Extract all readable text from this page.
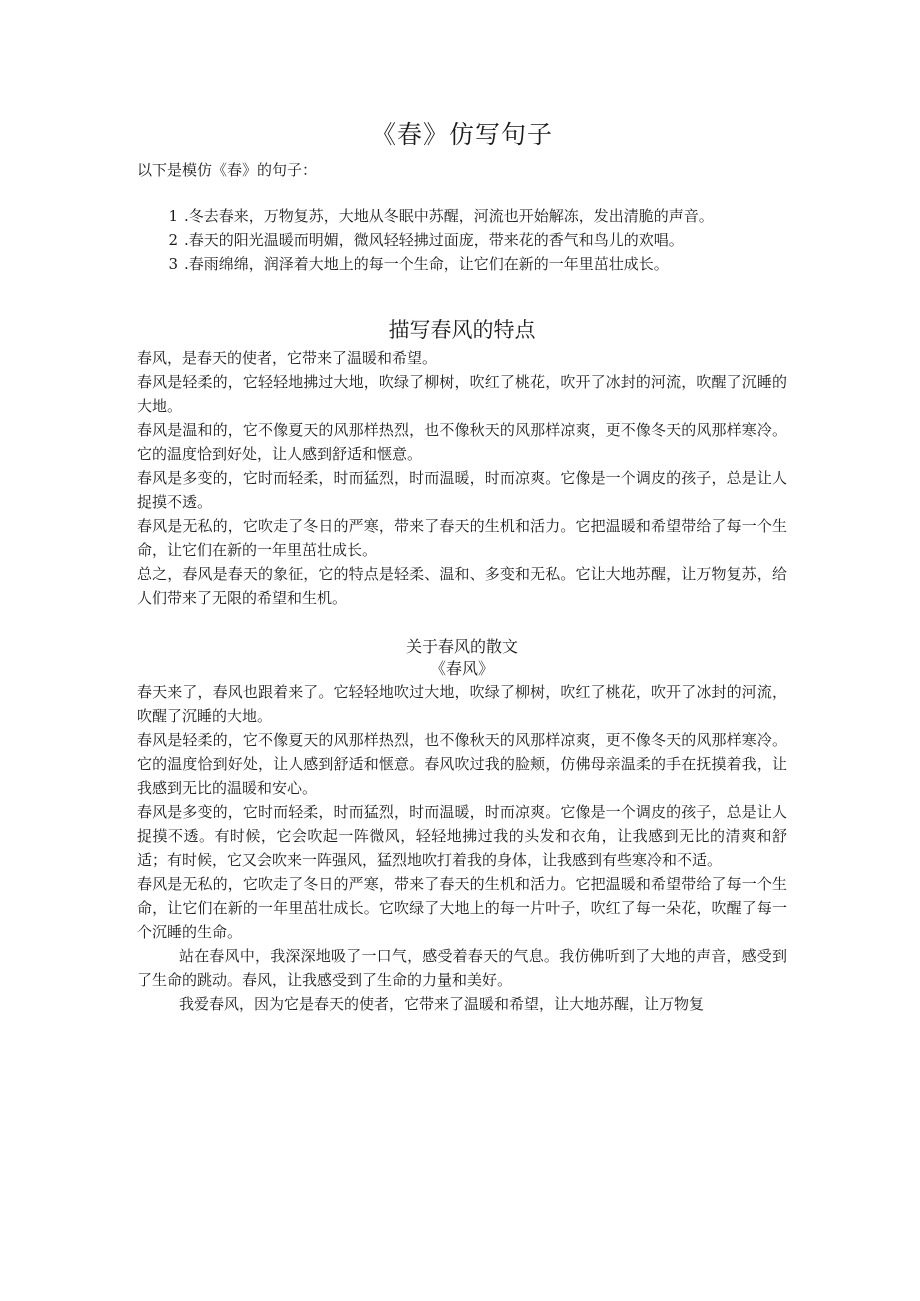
《春》仿写句子

以下是模仿《春》的句子：

1 .冬去春来，万物复苏，大地从冬眠中苏醒，河流也开始解冻，发出清脆的声音。
2 .春天的阳光温暖而明媚，微风轻轻拂过面庞，带来花的香气和鸟儿的欢唱。
3 .春雨绵绵，润泽着大地上的每一个生命，让它们在新的一年里茁壮成长。
描写春风的特点

春风，是春天的使者，它带来了温暖和希望。

春风是轻柔的，它轻轻地拂过大地，吹绿了柳树，吹红了桃花，吹开了冰封的河流，吹醒了沉睡的大地。

春风是温和的，它不像夏天的风那样热烈，也不像秋天的风那样凉爽，更不像冬天的风那样寒冷。它的温度恰到好处，让人感到舒适和惬意。

春风是多变的，它时而轻柔，时而猛烈，时而温暖，时而凉爽。它像是一个调皮的孩子，总是让人捉摸不透。

春风是无私的，它吹走了冬日的严寒，带来了春天的生机和活力。它把温暖和希望带给了每一个生命，让它们在新的一年里茁壮成长。

总之，春风是春天的象征，它的特点是轻柔、温和、多变和无私。它让大地苏醒，让万物复苏，给人们带来了无限的希望和生机。

关于春风的散文
《春风》

春天来了，春风也跟着来了。它轻轻地吹过大地，吹绿了柳树，吹红了桃花，吹开了冰封的河流，吹醒了沉睡的大地。

春风是轻柔的，它不像夏天的风那样热烈，也不像秋天的风那样凉爽，更不像冬天的风那样寒冷。它的温度恰到好处，让人感到舒适和惬意。春风吹过我的脸颊，仿佛母亲温柔的手在抚摸着我，让我感到无比的温暖和安心。

春风是多变的，它时而轻柔，时而猛烈，时而温暖，时而凉爽。它像是一个调皮的孩子，总是让人捉摸不透。有时候，它会吹起一阵微风，轻轻地拂过我的头发和衣角，让我感到无比的清爽和舒适；有时候，它又会吹来一阵强风，猛烈地吹打着我的身体，让我感到有些寒冷和不适。

春风是无私的，它吹走了冬日的严寒，带来了春天的生机和活力。它把温暖和希望带给了每一个生命，让它们在新的一年里茁壮成长。它吹绿了大地上的每一片叶子，吹红了每一朵花，吹醒了每一个沉睡的生命。

站在春风中，我深深地吸了一口气，感受着春天的气息。我仿佛听到了大地的声音，感受到了生命的跳动。春风，让我感受到了生命的力量和美好。

我爱春风，因为它是春天的使者，它带来了温暖和希望，让大地苏醒，让万物复
